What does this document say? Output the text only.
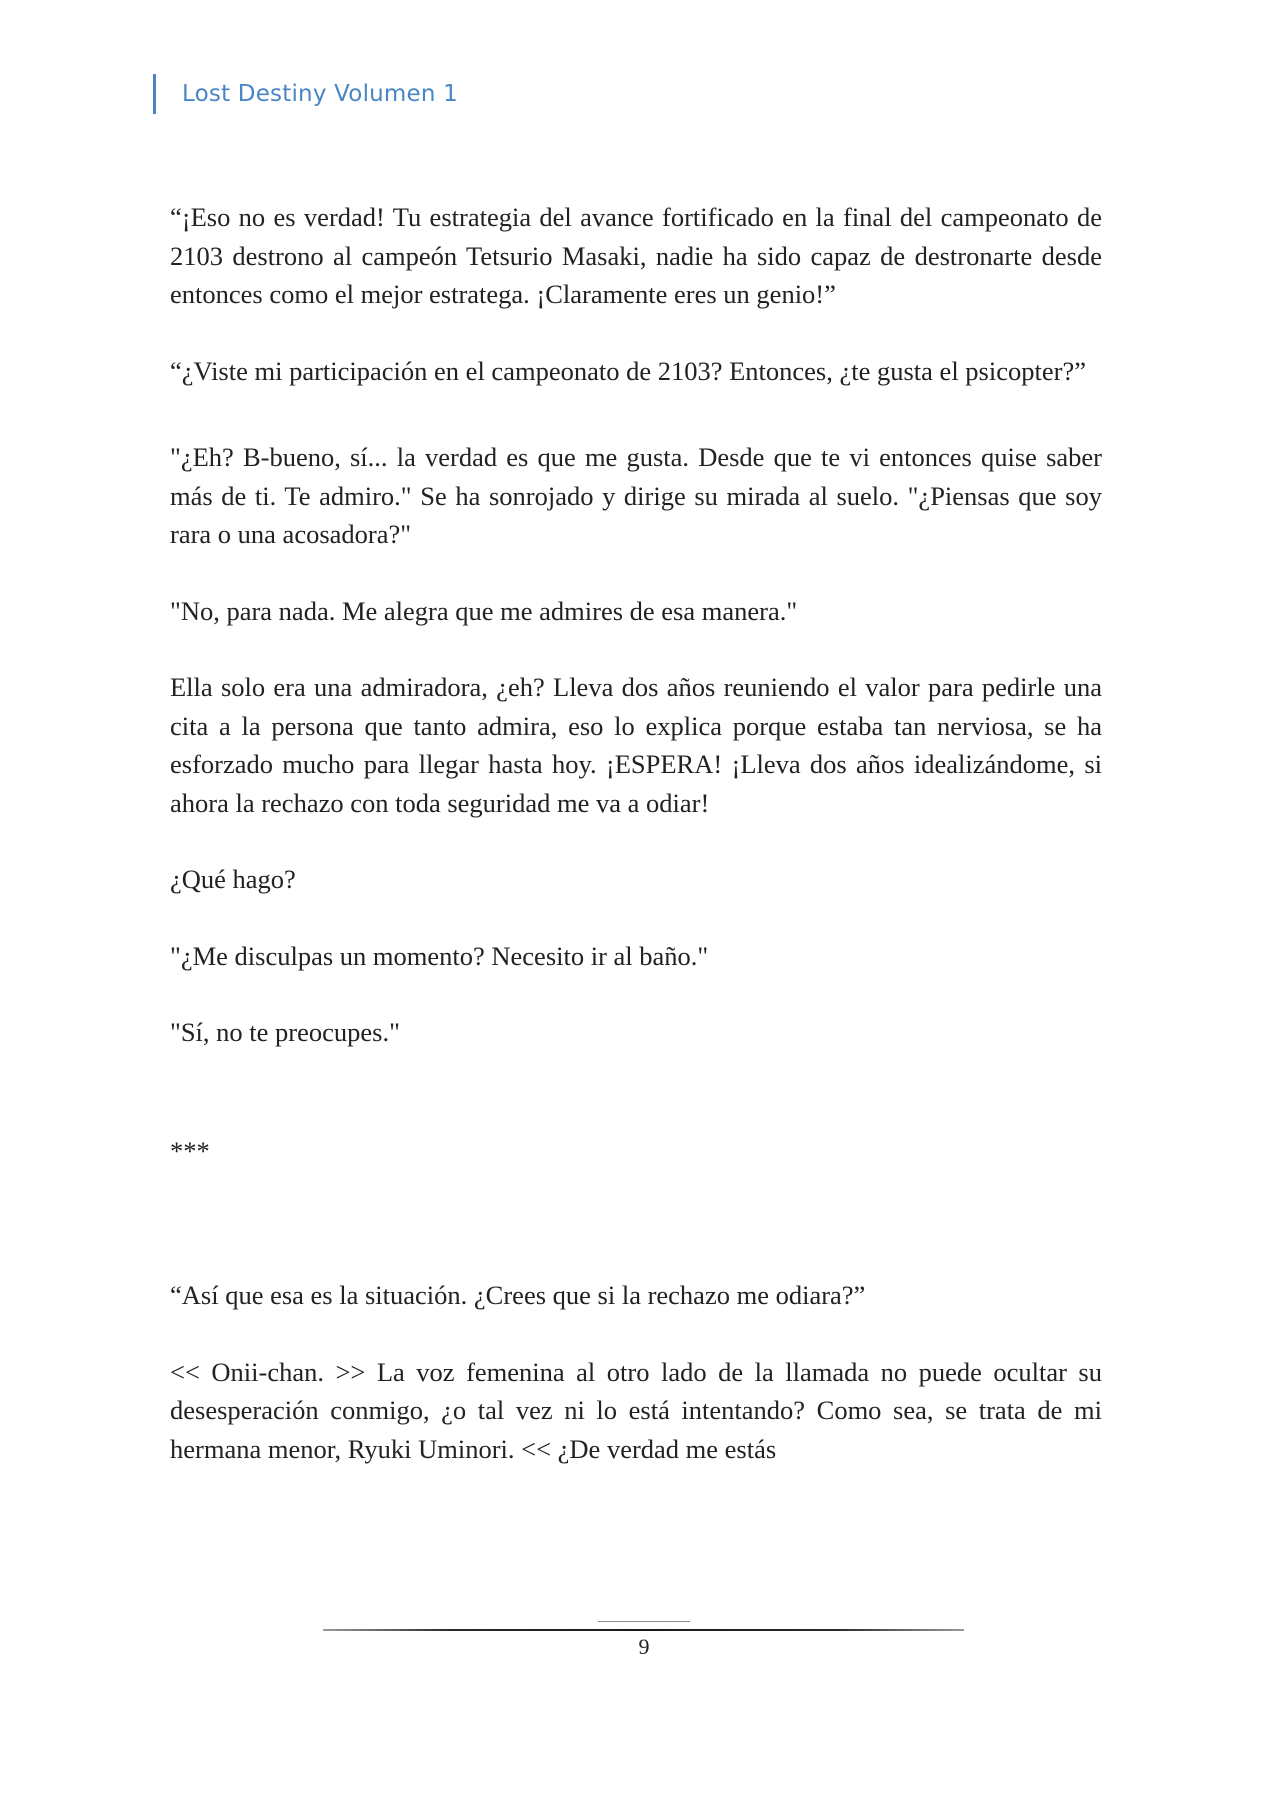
Lost Destiny Volumen 1

“¡Eso no es verdad! Tu estrategia del avance fortificado en la final del campeonato de 2103 destrono al campeón Tetsurio Masaki, nadie ha sido capaz de destronarte desde entonces como el mejor estratega. ¡Claramente eres un genio!”

“¿Viste mi participación en el campeonato de 2103? Entonces, ¿te gusta el psicopter?”

"¿Eh? B-bueno, sí... la verdad es que me gusta. Desde que te vi entonces quise saber más de ti. Te admiro." Se ha sonrojado y dirige su mirada al suelo. "¿Piensas que soy rara o una acosadora?"

"No, para nada. Me alegra que me admires de esa manera."

Ella solo era una admiradora, ¿eh? Lleva dos años reuniendo el valor para pedirle una cita a la persona que tanto admira, eso lo explica porque estaba tan nerviosa, se ha esforzado mucho para llegar hasta hoy. ¡ESPERA! ¡Lleva dos años idealizándome, si ahora la rechazo con toda seguridad me va a odiar!

¿Qué hago?

"¿Me disculpas un momento? Necesito ir al baño."

"Sí, no te preocupes."

***

“Así que esa es la situación. ¿Crees que si la rechazo me odiara?”

<< Onii-chan. >> La voz femenina al otro lado de la llamada no puede ocultar su desesperación conmigo, ¿o tal vez ni lo está intentando? Como sea, se trata de mi hermana menor, Ryuki Uminori. << ¿De verdad me estás

9
